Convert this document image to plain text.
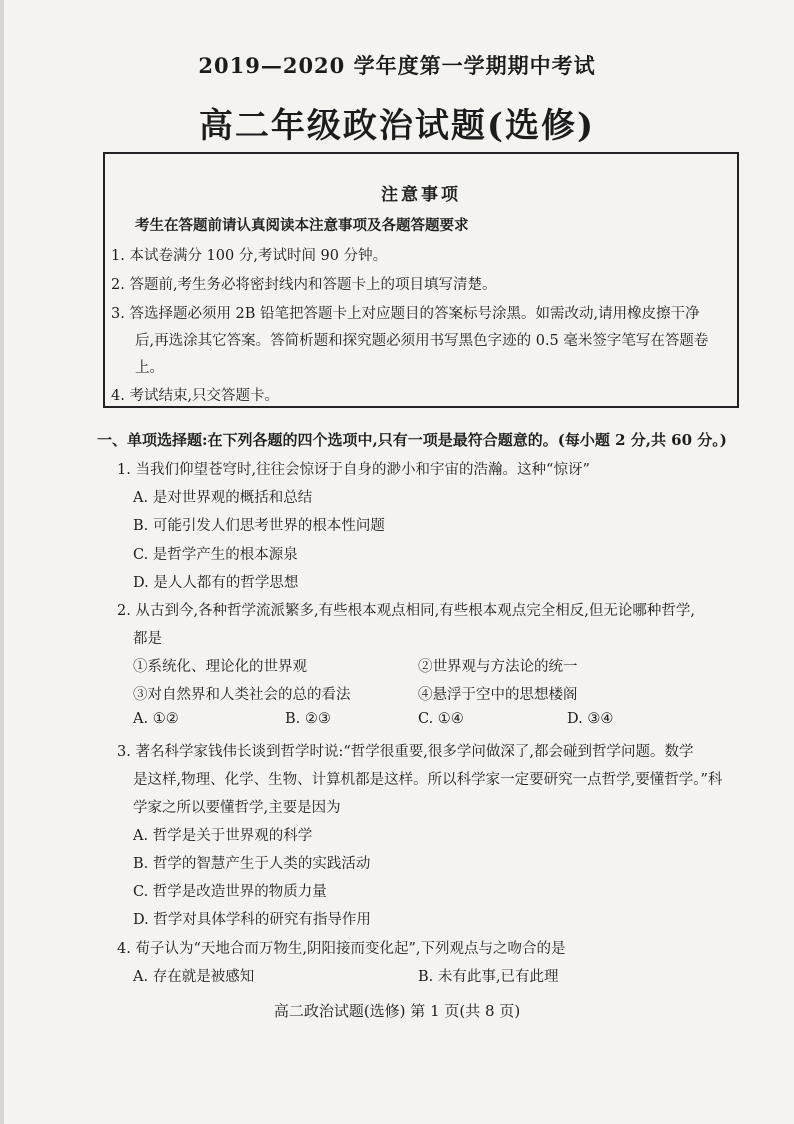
2019—2020 学年度第一学期期中考试
高二年级政治试题(选修)
注意事项
考生在答题前请认真阅读本注意事项及各题答题要求
1. 本试卷满分 100 分,考试时间 90 分钟。
2. 答题前,考生务必将密封线内和答题卡上的项目填写清楚。
3. 答选择题必须用 2B 铅笔把答题卡上对应题目的答案标号涂黑。如需改动,请用橡皮擦干净
后,再选涂其它答案。答简析题和探究题必须用书写黑色字迹的 0.5 毫米签字笔写在答题卷
上。
4. 考试结束,只交答题卡。
一、单项选择题:在下列各题的四个选项中,只有一项是最符合题意的。(每小题 2 分,共 60 分。)
1. 当我们仰望苍穹时,往往会惊讶于自身的渺小和宇宙的浩瀚。这种“惊讶”
A. 是对世界观的概括和总结
B. 可能引发人们思考世界的根本性问题
C. 是哲学产生的根本源泉
D. 是人人都有的哲学思想
2. 从古到今,各种哲学流派繁多,有些根本观点相同,有些根本观点完全相反,但无论哪种哲学,
都是
①系统化、理论化的世界观	②世界观与方法论的统一
③对自然界和人类社会的总的看法	④悬浮于空中的思想楼阁
A. ①②	B. ②③	C. ①④	D. ③④
3. 著名科学家钱伟长谈到哲学时说:“哲学很重要,很多学问做深了,都会碰到哲学问题。数学
是这样,物理、化学、生物、计算机都是这样。所以科学家一定要研究一点哲学,要懂哲学。”科
学家之所以要懂哲学,主要是因为
A. 哲学是关于世界观的科学
B. 哲学的智慧产生于人类的实践活动
C. 哲学是改造世界的物质力量
D. 哲学对具体学科的研究有指导作用
4. 荀子认为“天地合而万物生,阴阳接而变化起”,下列观点与之吻合的是
A. 存在就是被感知	B. 未有此事,已有此理
高二政治试题(选修) 第 1 页(共 8 页)
